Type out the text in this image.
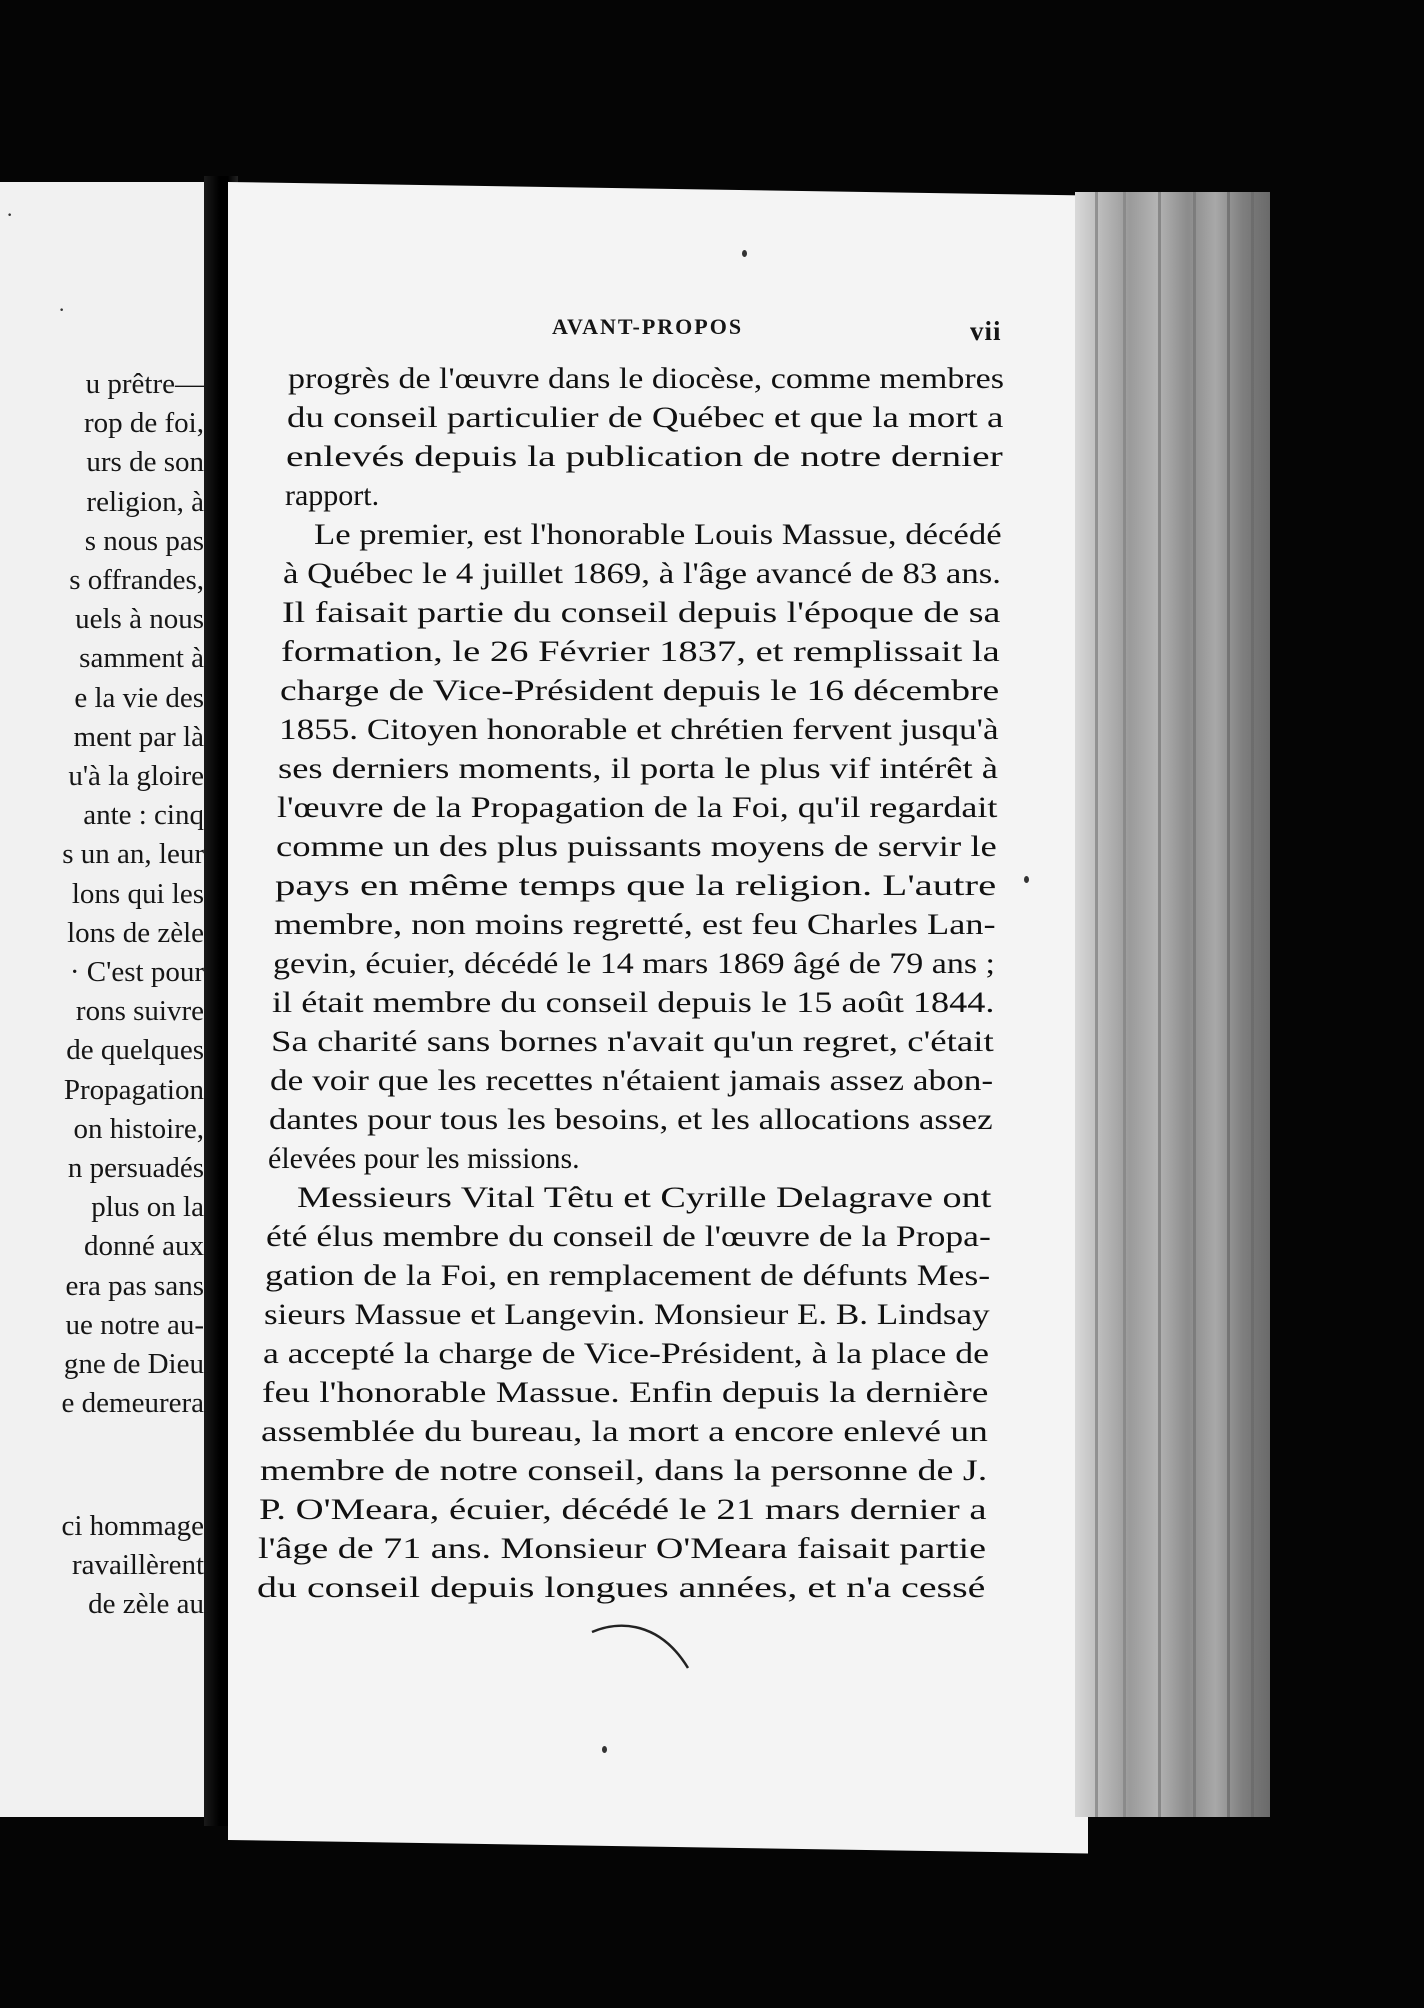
u prêtre—
rop de foi,
urs de son
religion, à
s nous pas
s offrandes,
uels à nous
samment à
e la vie des
ment par là
u'à la gloire
ante : cinq
s un an, leur
lons qui les
lons de zèle
· C'est pour
rons suivre
de quelques
Propagation
on histoire,
n persuadés
plus on la
donné aux
era pas sans
ue notre au-
gne de Dieu
e demeurera
ci hommage
ravaillèrent
de zèle au
·
·
AVANT-PROPOS	vii
progrès de l'œuvre dans le diocèse, comme membres
du conseil particulier de Québec et que la mort a
enlevés depuis la publication de notre dernier
rapport.
Le premier, est l'honorable Louis Massue, décédé
à Québec le 4 juillet 1869, à l'âge avancé de 83 ans.
Il faisait partie du conseil depuis l'époque de sa
formation, le 26 Février 1837, et remplissait la
charge de Vice-Président depuis le 16 décembre
1855. Citoyen honorable et chrétien fervent jusqu'à
ses derniers moments, il porta le plus vif intérêt à
l'œuvre de la Propagation de la Foi, qu'il regardait
comme un des plus puissants moyens de servir le
pays en même temps que la religion. L'autre
membre, non moins regretté, est feu Charles Lan-
gevin, écuier, décédé le 14 mars 1869 âgé de 79 ans ;
il était membre du conseil depuis le 15 août 1844.
Sa charité sans bornes n'avait qu'un regret, c'était
de voir que les recettes n'étaient jamais assez abon-
dantes pour tous les besoins, et les allocations assez
élevées pour les missions.
Messieurs Vital Têtu et Cyrille Delagrave ont
été élus membre du conseil de l'œuvre de la Propa-
gation de la Foi, en remplacement de défunts Mes-
sieurs Massue et Langevin. Monsieur E. B. Lindsay
a accepté la charge de Vice-Président, à la place de
feu l'honorable Massue. Enfin depuis la dernière
assemblée du bureau, la mort a encore enlevé un
membre de notre conseil, dans la personne de J.
P. O'Meara, écuier, décédé le 21 mars dernier a
l'âge de 71 ans. Monsieur O'Meara faisait partie
du conseil depuis longues années, et n'a cessé
